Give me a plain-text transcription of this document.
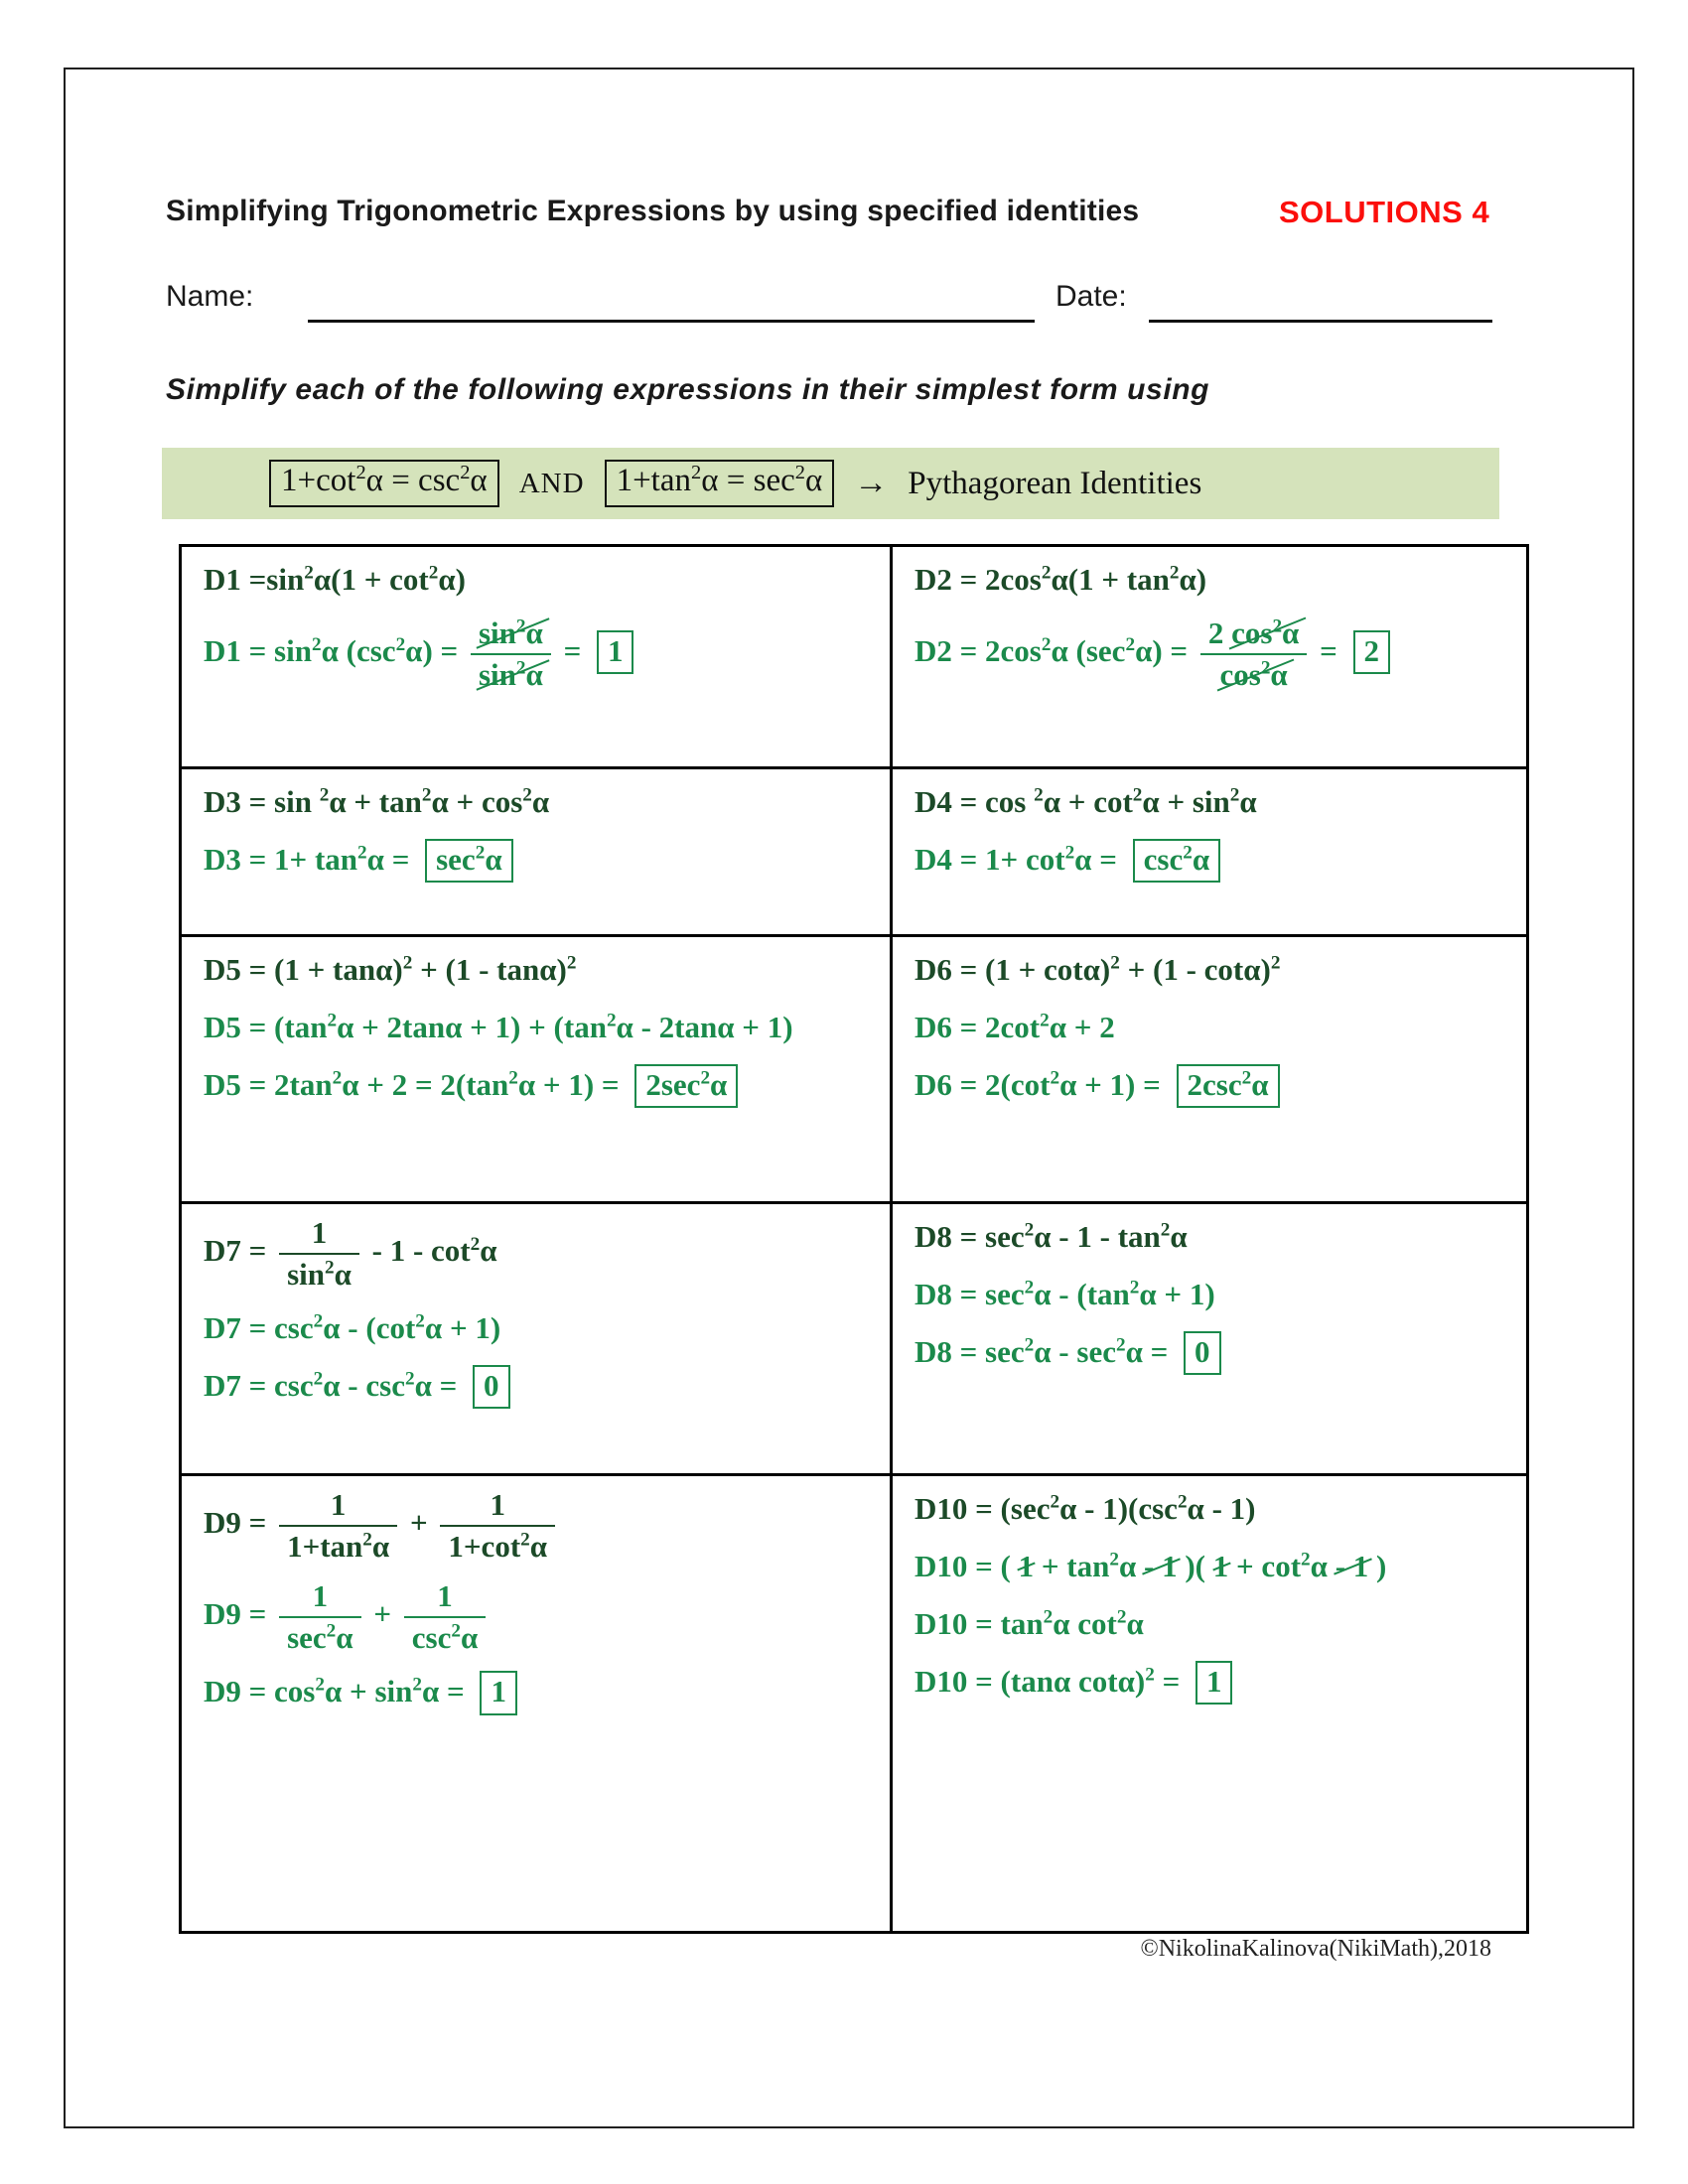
Simplifying Trigonometric Expressions by using specified identities	SOLUTIONS 4
Name:	Date:
Simplify each of the following expressions in their simplest form using
$1+\cot^2\alpha = \csc^2\alpha$	AND $1+\tan^2\alpha = \sec^2\alpha$ → Pythagorean Identities
$D1 =\sin^2\alpha(1 + \cot^2\alpha)$
$D1 = \sin^2\alpha$ $(\csc^2\alpha) = \frac{\sin^2\alpha}{\sin^2\alpha} = 1$
$D2 = 2\cos^2\alpha(1 + \tan^2\alpha)$
$D2 = 2\cos^2\alpha$ $(\sec^2\alpha) = \frac{2 \cos^2\alpha}{\cos^2\alpha} = 2$
$D3 = \sin ^2\alpha + \tan^2\alpha + \cos^2\alpha$
$D3 = 1+ \tan^2\alpha = \sec^2\alpha$
$D4 = \cos ^2\alpha + \cot^2\alpha + \sin^2\alpha$
$D4 = 1+ \cot^2\alpha = \csc^2\alpha$
$D5 = (1 + \tan\alpha)^2 + (1 - \tan\alpha)^2$
$D5 = (\tan^2\alpha + 2\tan\alpha + 1) + (\tan^2\alpha - 2\tan\alpha + 1)$
$D5 = 2\tan^2\alpha + 2 = 2(\tan^2\alpha + 1) = 2\sec^2\alpha$
$D6 = (1 + \cot\alpha)^2 + (1 - \cot\alpha)^2$
$D6 = 2\cot^2\alpha + 2$
$D6 = 2(\cot^2\alpha + 1) = 2\csc^2\alpha$
$D7 = \frac{1}{\sin^2\alpha} - 1 - \cot^2\alpha$
$D7 = \csc^2\alpha - (\cot^2\alpha + 1)$
$D7 = \csc^2\alpha - \csc^2\alpha = 0$
$D8 = \sec^2\alpha - 1 - \tan^2\alpha$
$D8 = \sec^2\alpha - (\tan^2\alpha + 1)$
$D8 = \sec^2\alpha - \sec^2\alpha = 0$
$D9 = \frac{1}{1+\tan^2\alpha} + \frac{1}{1+\cot^2\alpha}$
$D9 = \frac{1}{\sec^2\alpha} + \frac{1}{\csc^2\alpha}$
$D9 = \cos^2\alpha + \sin^2\alpha = 1$
$D10 = (\sec^2\alpha - 1)(\csc^2\alpha - 1)$
D10 = ( $1 + \tan^2\alpha - 1$ )( $1 + \cot^2\alpha - 1$ )
$D10 = \tan^2\alpha$ $\cot^2\alpha$
D10 = (tanα cotα)$^2$ = 1
©NikolinaKalinova(NikiMath),2018
